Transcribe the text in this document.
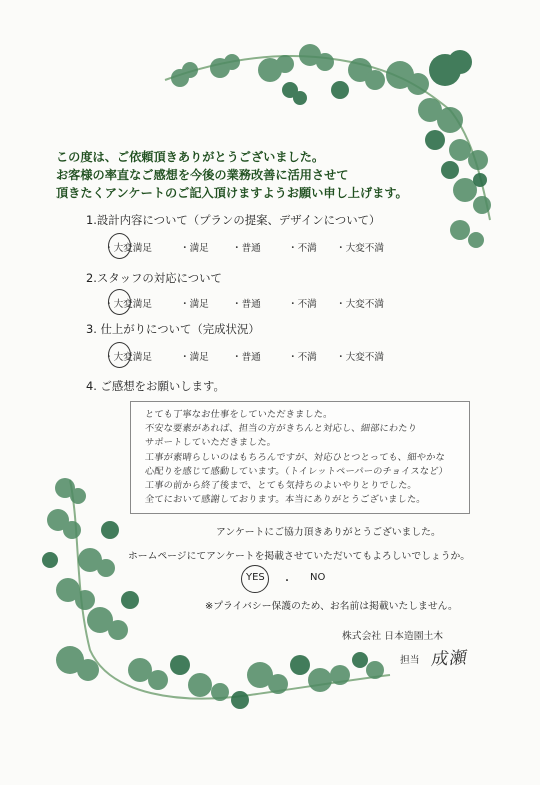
この度は、ご依頼頂きありがとうございました。
お客様の率直なご感想を今後の業務改善に活用させて
頂きたくアンケートのご記入頂けますようお願い申し上げます。
1.設計内容について（プランの提案、デザインについて）
・大変満足	・満足	・普通	・不満	・大変不満
2.スタッフの対応について
・大変満足	・満足	・普通	・不満	・大変不満
3. 仕上がりについて（完成状況）
・大変満足	・満足	・普通	・不満	・大変不満
4. ご感想をお願いします。
とても丁寧なお仕事をしていただきました。
不安な要素があれば、担当の方がきちんと対応し、細部にわたり
サポートしていただきました。
工事が素晴らしいのはもちろんですが、対応ひとつとっても、細やかな
心配りを感じて感動しています。（トイレットペーパーのチョイスなど）
工事の前から終了後まで、とても気持ちのよいやりとりでした。
全てにおいて感謝しております。本当にありがとうございました。
アンケートにご協力頂きありがとうございました。
ホームページにてアンケートを掲載させていただいてもよろしいでしょうか。
YES	・	NO
※プライバシー保護のため、お名前は掲載いたしません。
株式会社 日本造園土木
担当 成瀬
